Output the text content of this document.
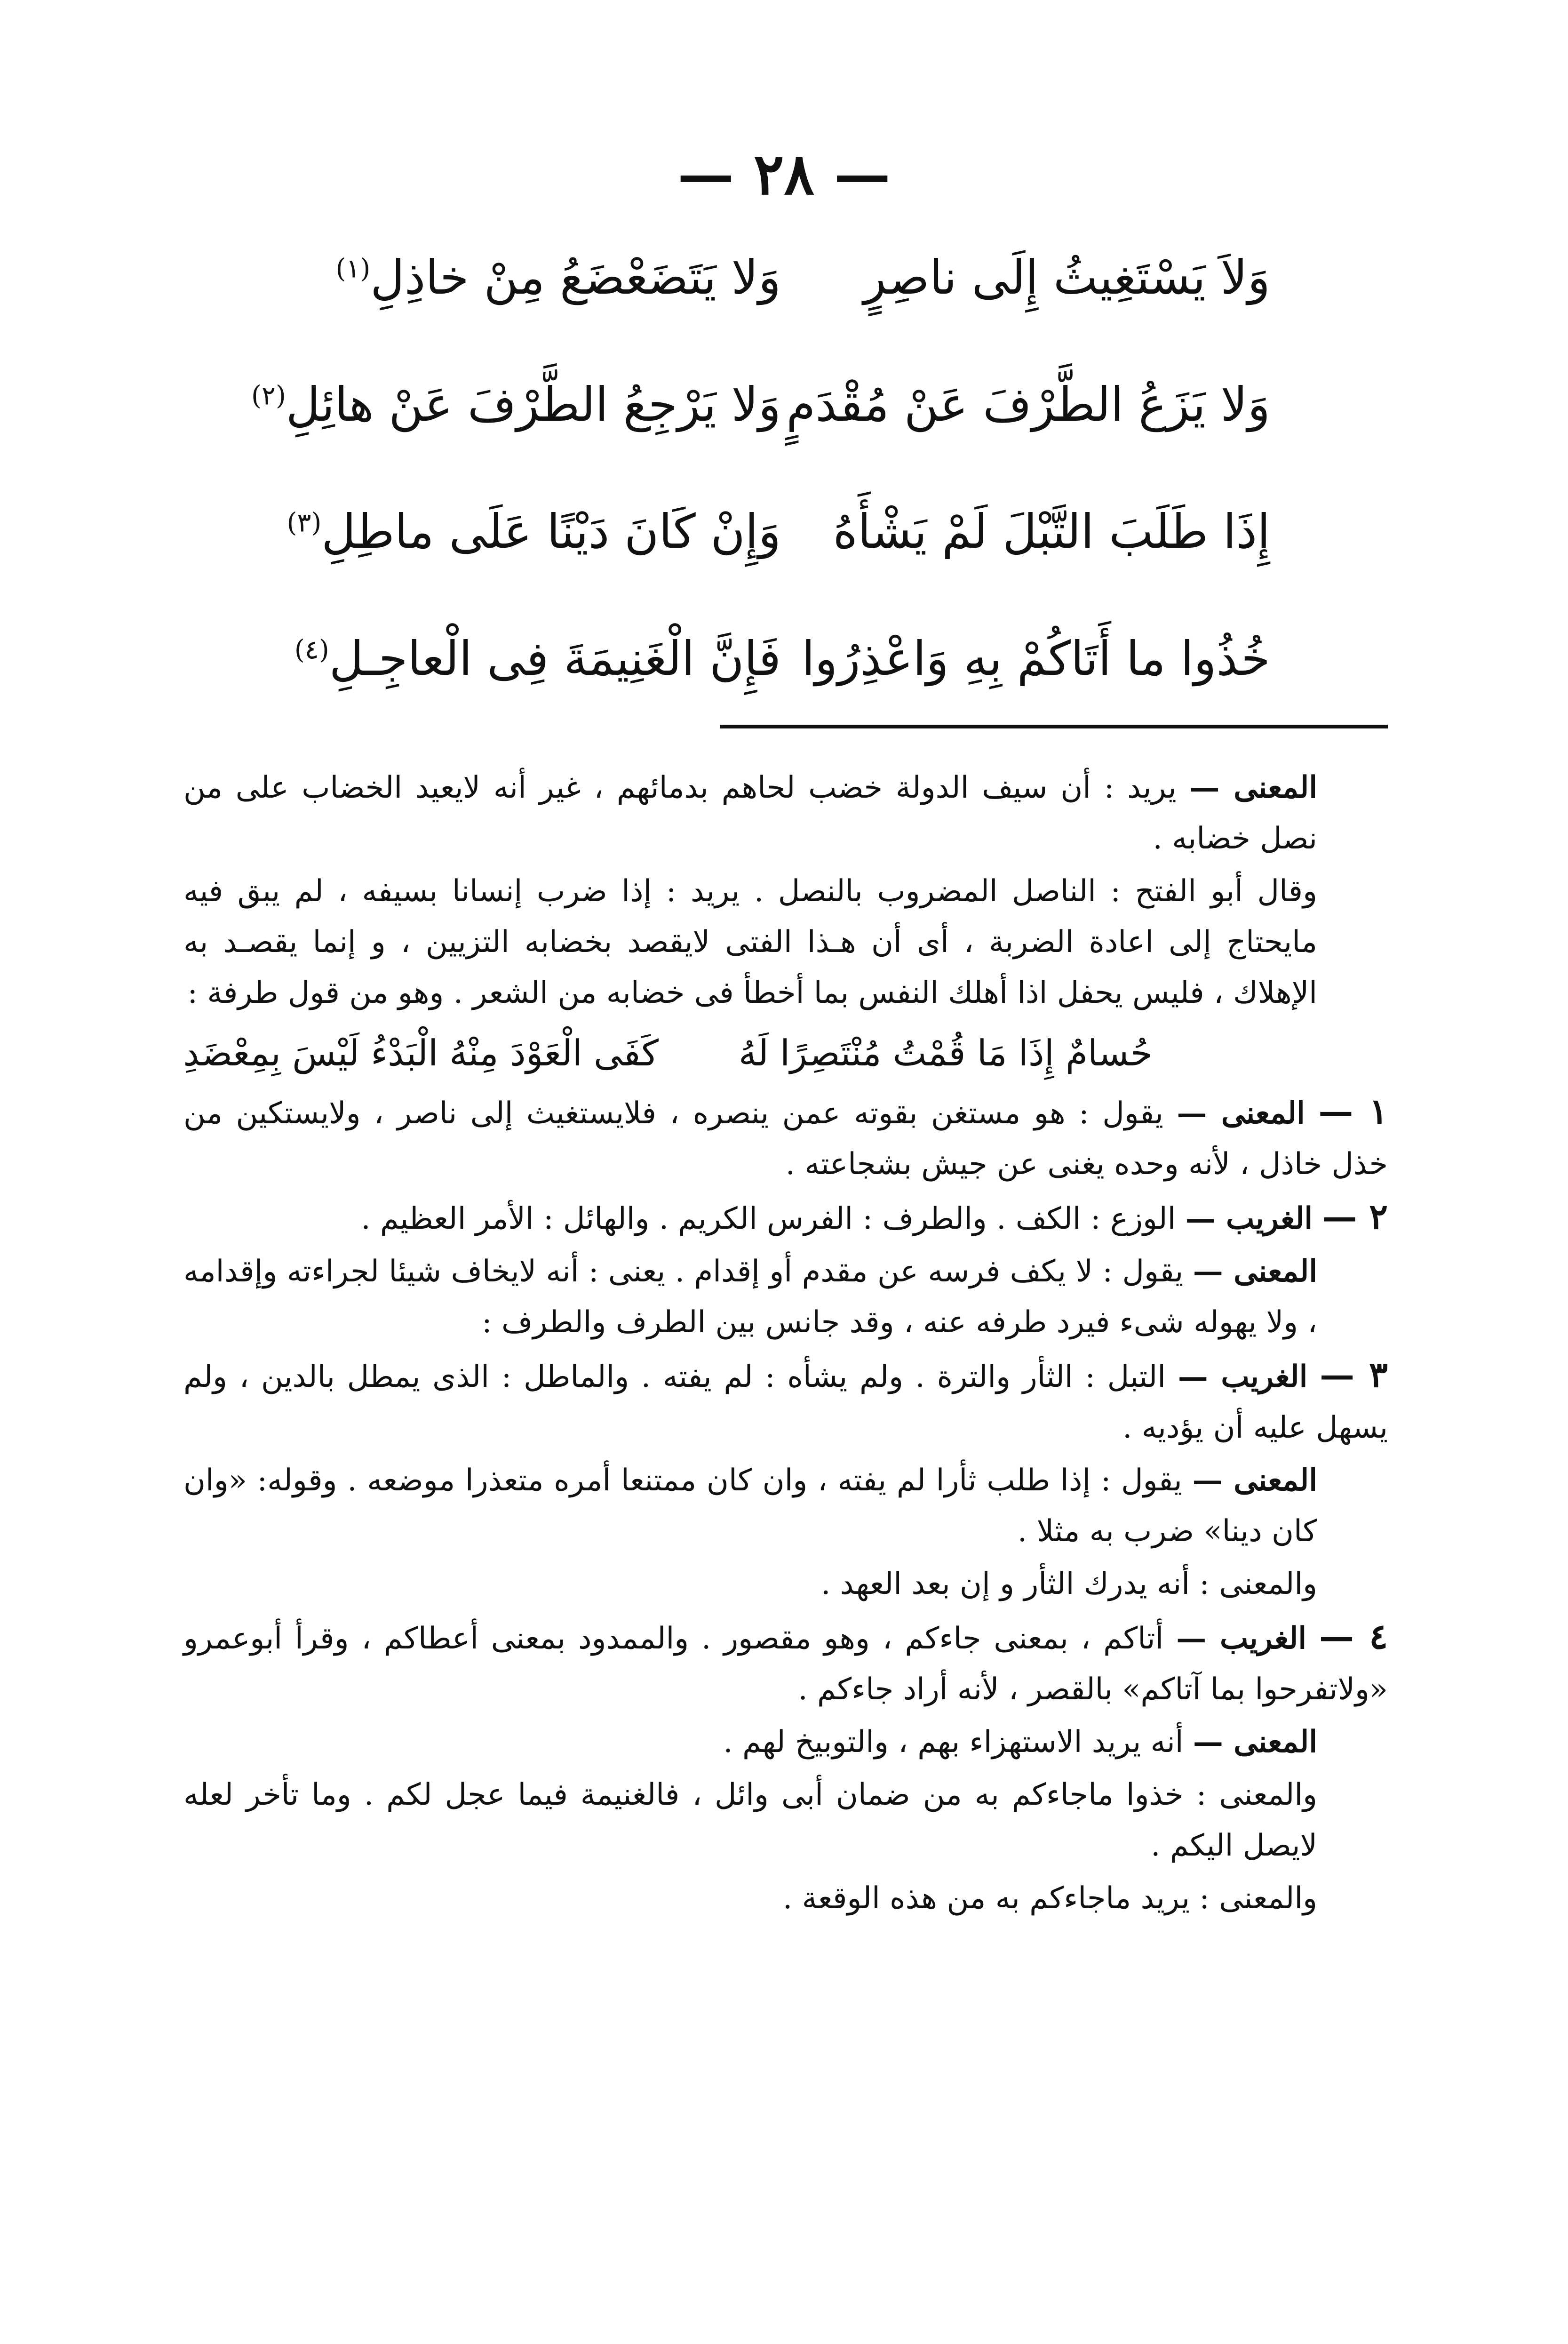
— ٢٨ —
وَلاَ يَسْتَغِيثُ إِلَى ناصِرٍ
وَلا يَتَضَعْضَعُ مِنْ خاذِلِ$^{(١)}$
وَلا يَزَعُ الطَّرْفَ عَنْ مُقْدَمٍ
وَلا يَرْجِعُ الطَّرْفَ عَنْ هائِلِ$^{(٢)}$
إِذَا طَلَبَ التَّبْلَ لَمْ يَشْأَهُ
وَإِنْ كَانَ دَيْنًا عَلَى ماطِلِ$^{(٣)}$
خُذُوا ما أَتَاكُمْ بِهِ وَاعْذِرُوا
فَإِنَّ الْغَنِيمَةَ فِى الْعاجِـلِ$^{(٤)}$

المعنى — يريد : أن سيف الدولة خضب لحاهم بدمائهم ، غير أنه لايعيد الخضاب على من نصل خضابه .

وقال أبو الفتح : الناصل المضروب بالنصل . يريد : إذا ضرب إنسانا بسيفه ، لم يبق فيه مايحتاج إلى اعادة الضربة ، أى أن هـذا الفتى لايقصد بخضابه التزيين ، و إنما يقصـد به الإهلاك ، فليس يحفل اذا أهلك النفس بما أخطأ فى خضابه من الشعر . وهو من قول طرفة :

حُسامٌ إِذَا مَا قُمْتُ مُنْتَصِرًا لَهُكَفَى الْعَوْدَ مِنْهُ الْبَدْءُ لَيْسَ بِمِعْضَدِ

١ — المعنى — يقول : هو مستغن بقوته عمن ينصره ، فلايستغيث إلى ناصر ، ولايستكين من خذل خاذل ، لأنه وحده يغنى عن جيش بشجاعته .

٢ — الغريب — الوزع : الكف . والطرف : الفرس الكريم . والهائل : الأمر العظيم .

المعنى — يقول : لا يكف فرسه عن مقدم أو إقدام . يعنى : أنه لايخاف شيئا لجراءته وإقدامه ، ولا يهوله شىء فيرد طرفه عنه ، وقد جانس بين الطرف والطرف :

٣ — الغريب — التبل : الثأر والترة . ولم يشأه : لم يفته . والماطل : الذى يمطل بالدين ، ولم يسهل عليه أن يؤديه .

المعنى — يقول : إذا طلب ثأرا لم يفته ، وان كان ممتنعا أمره متعذرا موضعه . وقوله: «وان كان دينا» ضرب به مثلا .

والمعنى : أنه يدرك الثأر و إن بعد العهد .

٤ — الغريب — أتاكم ، بمعنى جاءكم ، وهو مقصور . والممدود بمعنى أعطاكم ، وقرأ أبوعمرو «ولاتفرحوا بما آتاكم» بالقصر ، لأنه أراد جاءكم .

المعنى — أنه يريد الاستهزاء بهم ، والتوبيخ لهم .

والمعنى : خذوا ماجاءكم به من ضمان أبى وائل ، فالغنيمة فيما عجل لكم . وما تأخر لعله لايصل اليكم .

والمعنى : يريد ماجاءكم به من هذه الوقعة .
